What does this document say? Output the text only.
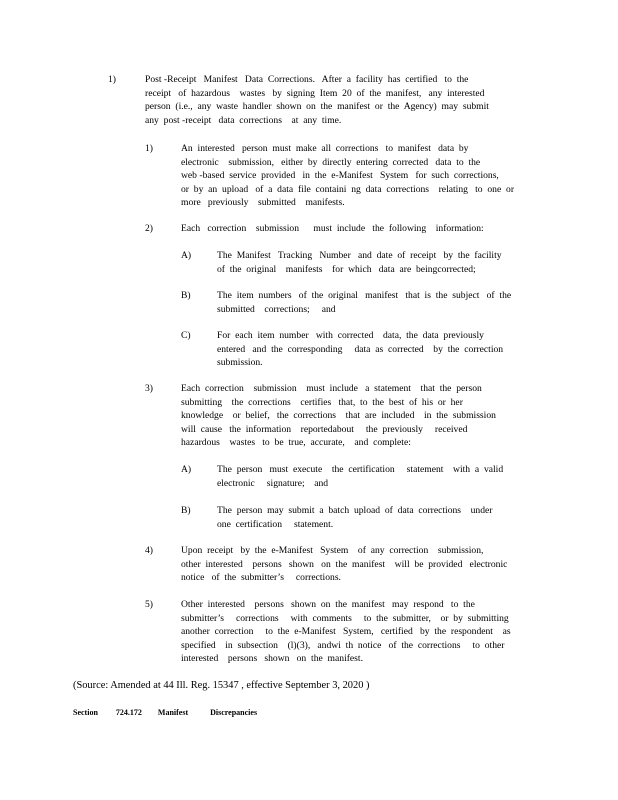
1)	Post -Receipt   Manifest   Data  Corrections.   After  a  facility  has  certified   to  the
receipt   of  hazardous    wastes   by  signing  Item  20  of  the  manifest,   any  interested
person  (i.e.,  any  waste  handler  shown  on  the  manifest  or  the  Agency)  may  submit
any  post -receipt   data  corrections    at  any  time.
1)	An  interested   person  must  make  all  corrections   to  manifest   data  by
electronic    submission,   either  by  directly  entering  corrected   data  to  the
web -based  service  provided   in  the  e-Manifest   System   for  such  corrections,
or  by  an  upload   of  a  data  file  containi  ng  data  corrections    relating   to  one  or
more   previously    submitted    manifests.
2)	Each   correction    submission      must  include   the  following    information:
A)	The  Manifest   Tracking   Number   and  date  of  receipt   by  the  facility
of  the  original    manifests    for  which   data  are  beingcorrected;
B)	The  item  numbers   of  the  original   manifest   that  is  the  subject   of  the
submitted    corrections;     and
C)	For  each  item  number   with  corrected    data,  the  data  previously
entered   and  the  corresponding     data  as  corrected    by  the  correction
submission.
3)	Each  correction    submission    must  include   a  statement    that  the  person
submitting    the  corrections    certifies   that,  to  the  best  of  his  or  her
knowledge    or  belief,   the  corrections    that  are  included    in  the  submission
will  cause   the  information    reportedabout     the  previously     received
hazardous    wastes   to  be  true,  accurate,    and  complete:
A)	The  person   must  execute    the  certification     statement    with  a  valid
electronic     signature;    and
B)	The  person  may  submit  a  batch  upload  of  data  corrections    under
one  certification     statement.
4)	Upon  receipt   by  the  e-Manifest   System    of  any  correction    submission,
other  interested    persons   shown   on  the  manifest    will  be  provided   electronic
notice   of  the  submitter’s     corrections.
5)	Other  interested    persons   shown  on  the  manifest   may  respond   to  the
submitter’s     corrections     with  comments     to  the  submitter,    or  by  submitting
another  correction     to  the  e-Manifest   System,   certified   by  the  respondent    as
specified    in  subsection    (l)(3),   andwi  th  notice   of  the  corrections     to  other
interested    persons   shown   on  the  manifest.
(Source: Amended at 44 Ill. Reg. 15347 , effective September 3, 2020 )
Section 724.172 Manifest	Discrepancies
